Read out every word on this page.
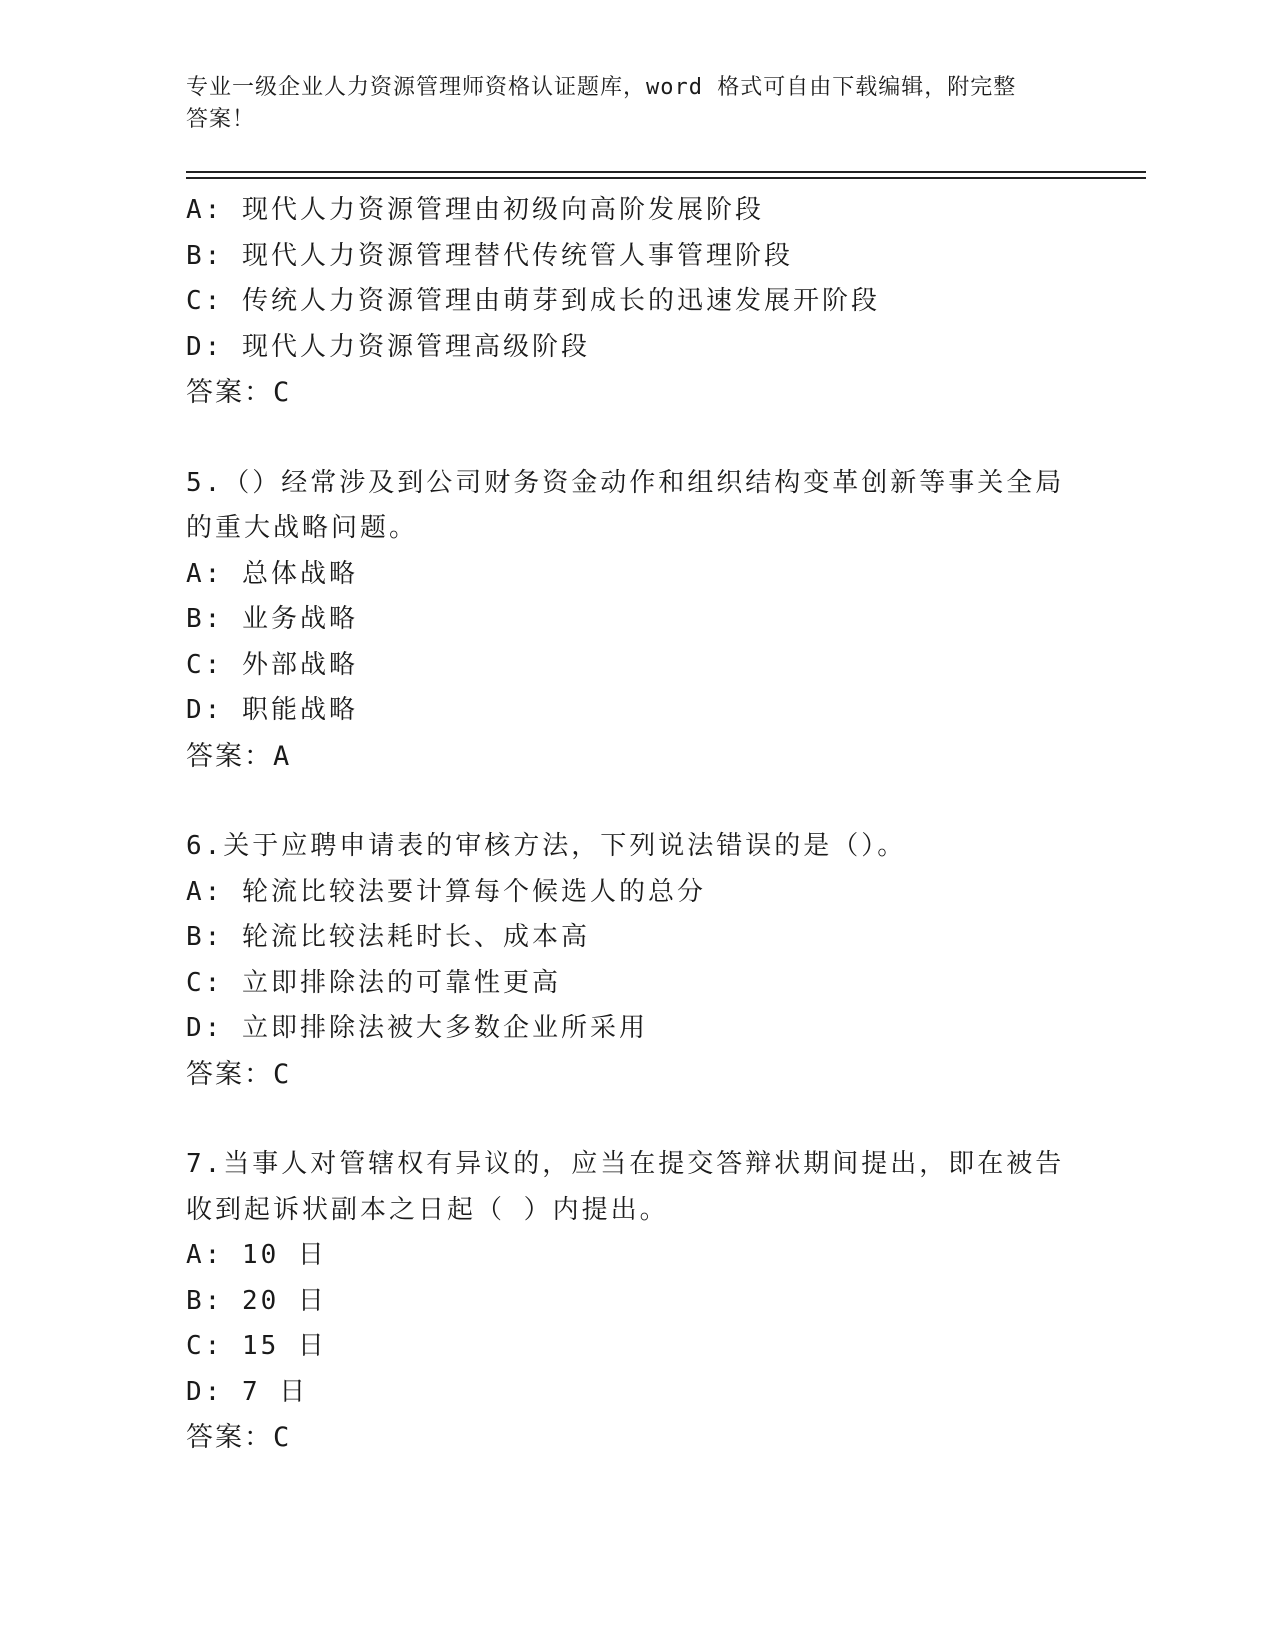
专业一级企业人力资源管理师资格认证题库，word 格式可自由下载编辑，附完整
答案！
A: 现代人力资源管理由初级向高阶发展阶段
B: 现代人力资源管理替代传统管人事管理阶段
C: 传统人力资源管理由萌芽到成长的迅速发展开阶段
D: 现代人力资源管理高级阶段
答案：C
5.（）经常涉及到公司财务资金动作和组织结构变革创新等事关全局
的重大战略问题。
A: 总体战略
B: 业务战略
C: 外部战略
D: 职能战略
答案：A
6.关于应聘申请表的审核方法，下列说法错误的是（）。
A: 轮流比较法要计算每个候选人的总分
B: 轮流比较法耗时长、成本高
C: 立即排除法的可靠性更高
D: 立即排除法被大多数企业所采用
答案：C
7.当事人对管辖权有异议的，应当在提交答辩状期间提出，即在被告
收到起诉状副本之日起（ ）内提出。
A: 10 日
B: 20 日
C: 15 日
D: 7 日
答案：C
